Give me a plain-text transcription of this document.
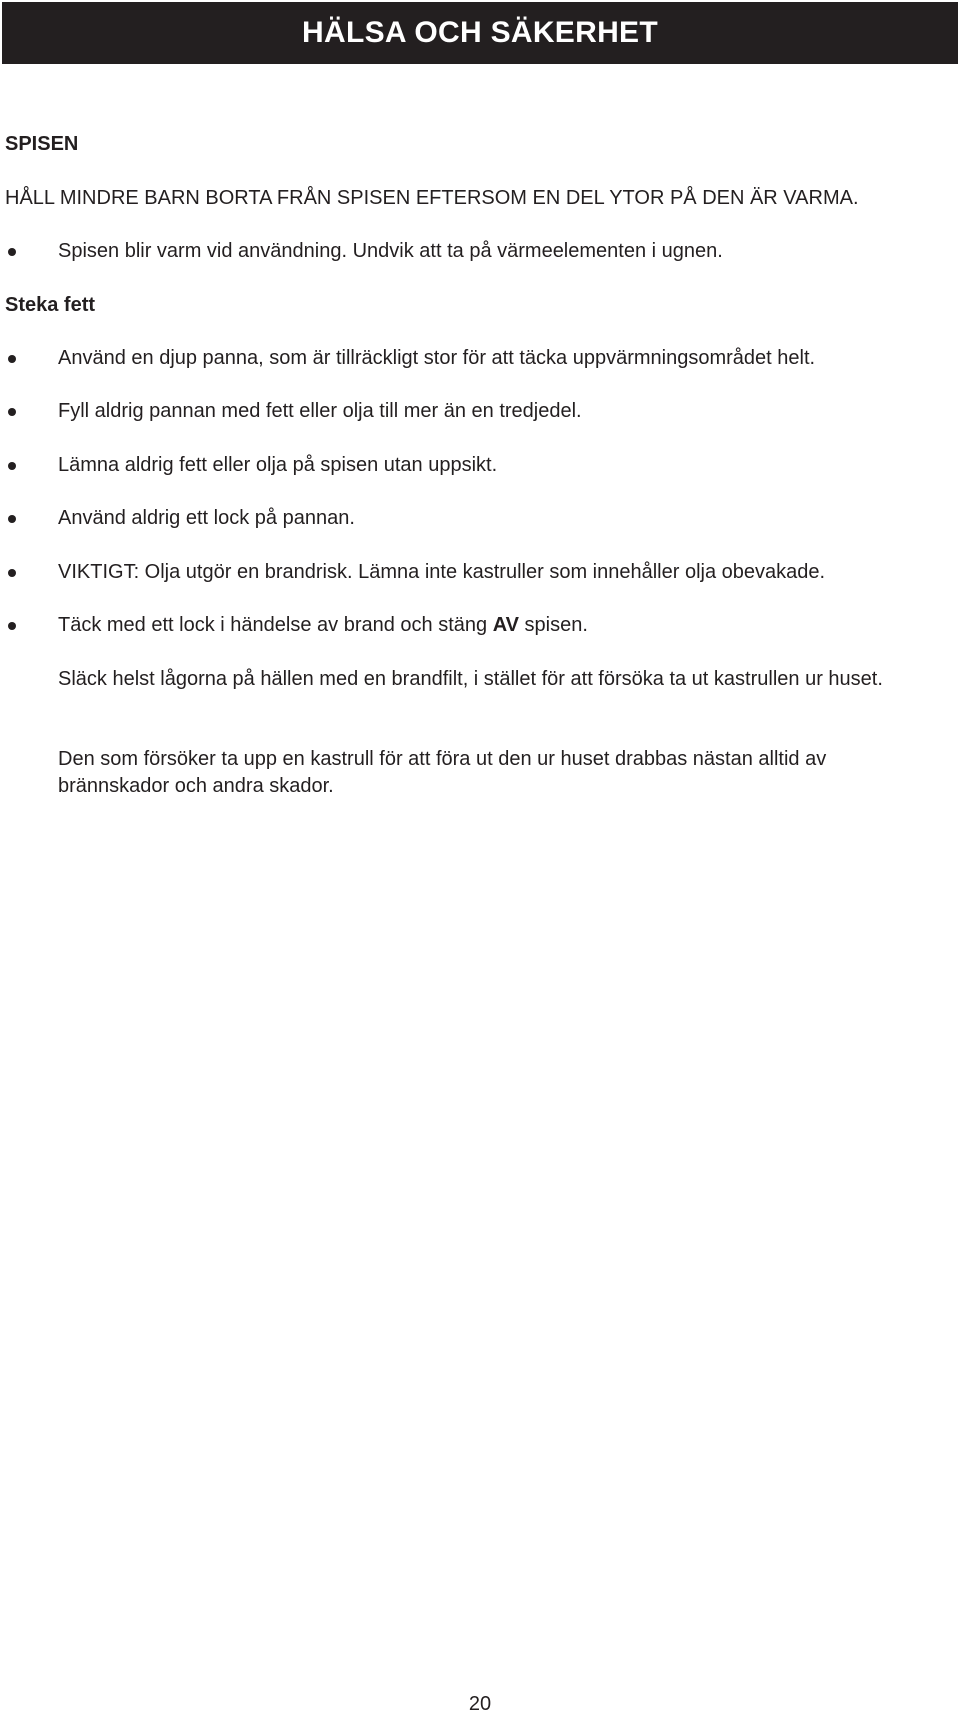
HÄLSA OCH SÄKERHET
SPISEN
HÅLL MINDRE BARN BORTA FRÅN SPISEN EFTERSOM EN DEL YTOR PÅ DEN ÄR VARMA.
Spisen blir varm vid användning. Undvik att ta på värmeelementen i ugnen.
Steka fett
Använd en djup panna, som är tillräckligt stor för att täcka uppvärmningsområdet helt.
Fyll aldrig pannan med fett eller olja till mer än en tredjedel.
Lämna aldrig fett eller olja på spisen utan uppsikt.
Använd aldrig ett lock på pannan.
VIKTIGT: Olja utgör en brandrisk. Lämna inte kastruller som innehåller olja obevakade.
Täck med ett lock i händelse av brand och stäng AV spisen.
Släck helst lågorna på hällen med en brandfilt, i stället för att försöka ta ut kastrullen ur huset.
Den som försöker ta upp en kastrull för att föra ut den ur huset drabbas nästan alltid av brännskador och andra skador.
20
